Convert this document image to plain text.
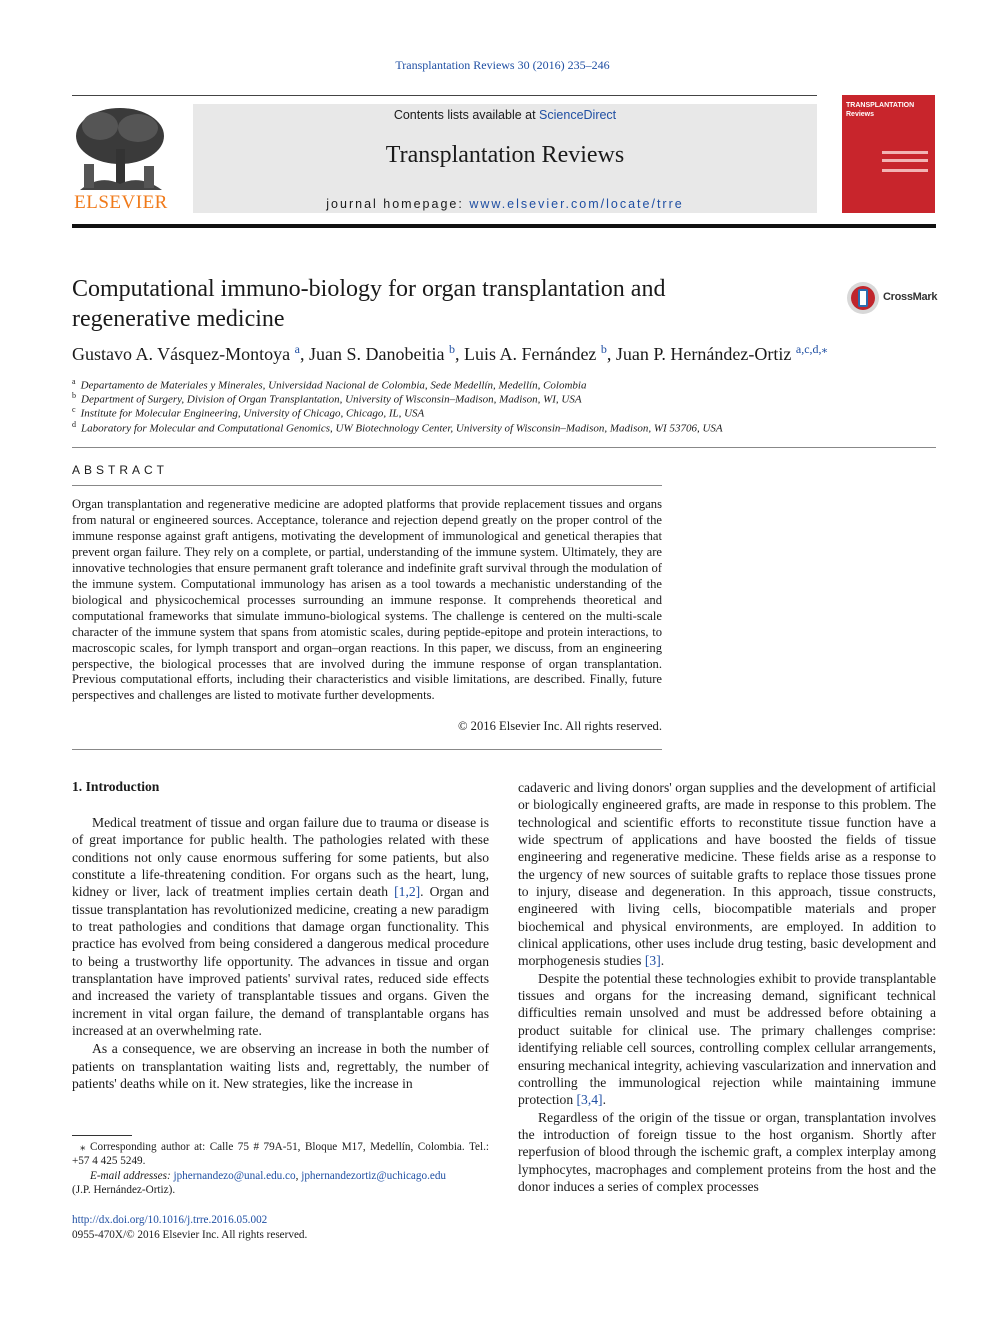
Transplantation Reviews 30 (2016) 235–246
ELSEVIER
Contents lists available at ScienceDirect
Transplantation Reviews
journal homepage: www.elsevier.com/locate/trre
TRANSPLANTATION Reviews
Computational immuno-biology for organ transplantation and regenerative medicine
CrossMark
Gustavo A. Vásquez-Montoya $^a$, Juan S. Danobeitia $^b$, Luis A. Fernández $^b$, Juan P. Hernández-Ortiz $^{a,c,d,⁎}$
$^a$ Departamento de Materiales y Minerales, Universidad Nacional de Colombia, Sede Medellín, Medellín, Colombia
$^b$ Department of Surgery, Division of Organ Transplantation, University of Wisconsin–Madison, Madison, WI, USA
$^c$ Institute for Molecular Engineering, University of Chicago, Chicago, IL, USA
$^d$ Laboratory for Molecular and Computational Genomics, UW Biotechnology Center, University of Wisconsin–Madison, Madison, WI 53706, USA
ABSTRACT
Organ transplantation and regenerative medicine are adopted platforms that provide replacement tissues and organs from natural or engineered sources. Acceptance, tolerance and rejection depend greatly on the proper control of the immune response against graft antigens, motivating the development of immunological and genetical therapies that prevent organ failure. They rely on a complete, or partial, understanding of the immune system. Ultimately, they are innovative technologies that ensure permanent graft tolerance and indefinite graft survival through the modulation of the immune system. Computational immunology has arisen as a tool towards a mechanistic understanding of the biological and physicochemical processes surrounding an immune response. It comprehends theoretical and computational frameworks that simulate immuno-biological systems. The challenge is centered on the multi-scale character of the immune system that spans from atomistic scales, during peptide-epitope and protein interactions, to macroscopic scales, for lymph transport and organ–organ reactions. In this paper, we discuss, from an engineering perspective, the biological processes that are involved during the immune response of organ transplantation. Previous computational efforts, including their characteristics and visible limitations, are described. Finally, future perspectives and challenges are listed to motivate further developments.
© 2016 Elsevier Inc. All rights reserved.
1. Introduction

Medical treatment of tissue and organ failure due to trauma or disease is of great importance for public health. The pathologies related with these conditions not only cause enormous suffering for some patients, but also constitute a life-threatening condition. For organs such as the heart, lung, kidney or liver, lack of treatment implies certain death [1,2]. Organ and tissue transplantation has revolutionized medicine, creating a new paradigm to treat pathologies and conditions that damage organ functionality. This practice has evolved from being considered a dangerous medical procedure to being a trustworthy life opportunity. The advances in tissue and organ transplantation have improved patients' survival rates, reduced side effects and increased the variety of transplantable tissues and organs. Given the increment in vital organ failure, the demand of transplantable organs has increased at an overwhelming rate.

As a consequence, we are observing an increase in both the number of patients on transplantation waiting lists and, regrettably, the number of patients' deaths while on it. New strategies, like the increase in

cadaveric and living donors' organ supplies and the development of artificial or biologically engineered grafts, are made in response to this problem. The technological and scientific efforts to reconstitute tissue function have a wide spectrum of applications and have boosted the fields of tissue engineering and regenerative medicine. These fields arise as a response to the urgency of new sources of suitable grafts to replace those tissues prone to injury, disease and degeneration. In this approach, tissue constructs, engineered with living cells, biocompatible materials and proper biochemical and physical environments, are employed. In addition to clinical applications, other uses include drug testing, basic development and morphogenesis studies [3].

Despite the potential these technologies exhibit to provide transplantable tissues and organs for the increasing demand, significant technical difficulties remain unsolved and must be addressed before obtaining a product suitable for clinical use. The primary challenges comprise: identifying reliable cell sources, controlling complex cellular arrangements, ensuring mechanical integrity, achieving vascularization and innervation and controlling the immunological rejection while maintaining immune protection [3,4].

Regardless of the origin of the tissue or organ, transplantation involves the introduction of foreign tissue to the host organism. Shortly after reperfusion of blood through the ischemic graft, a complex interplay among lymphocytes, macrophages and complement proteins from the host and the donor induces a series of complex processes

⁎ Corresponding author at: Calle 75 # 79A-51, Bloque M17, Medellín, Colombia. Tel.: +57 4 425 5249.
E-mail addresses: jphernandezo@unal.edu.co, jphernandezortiz@uchicago.edu
(J.P. Hernández-Ortiz).
http://dx.doi.org/10.1016/j.trre.2016.05.002
0955-470X/© 2016 Elsevier Inc. All rights reserved.
